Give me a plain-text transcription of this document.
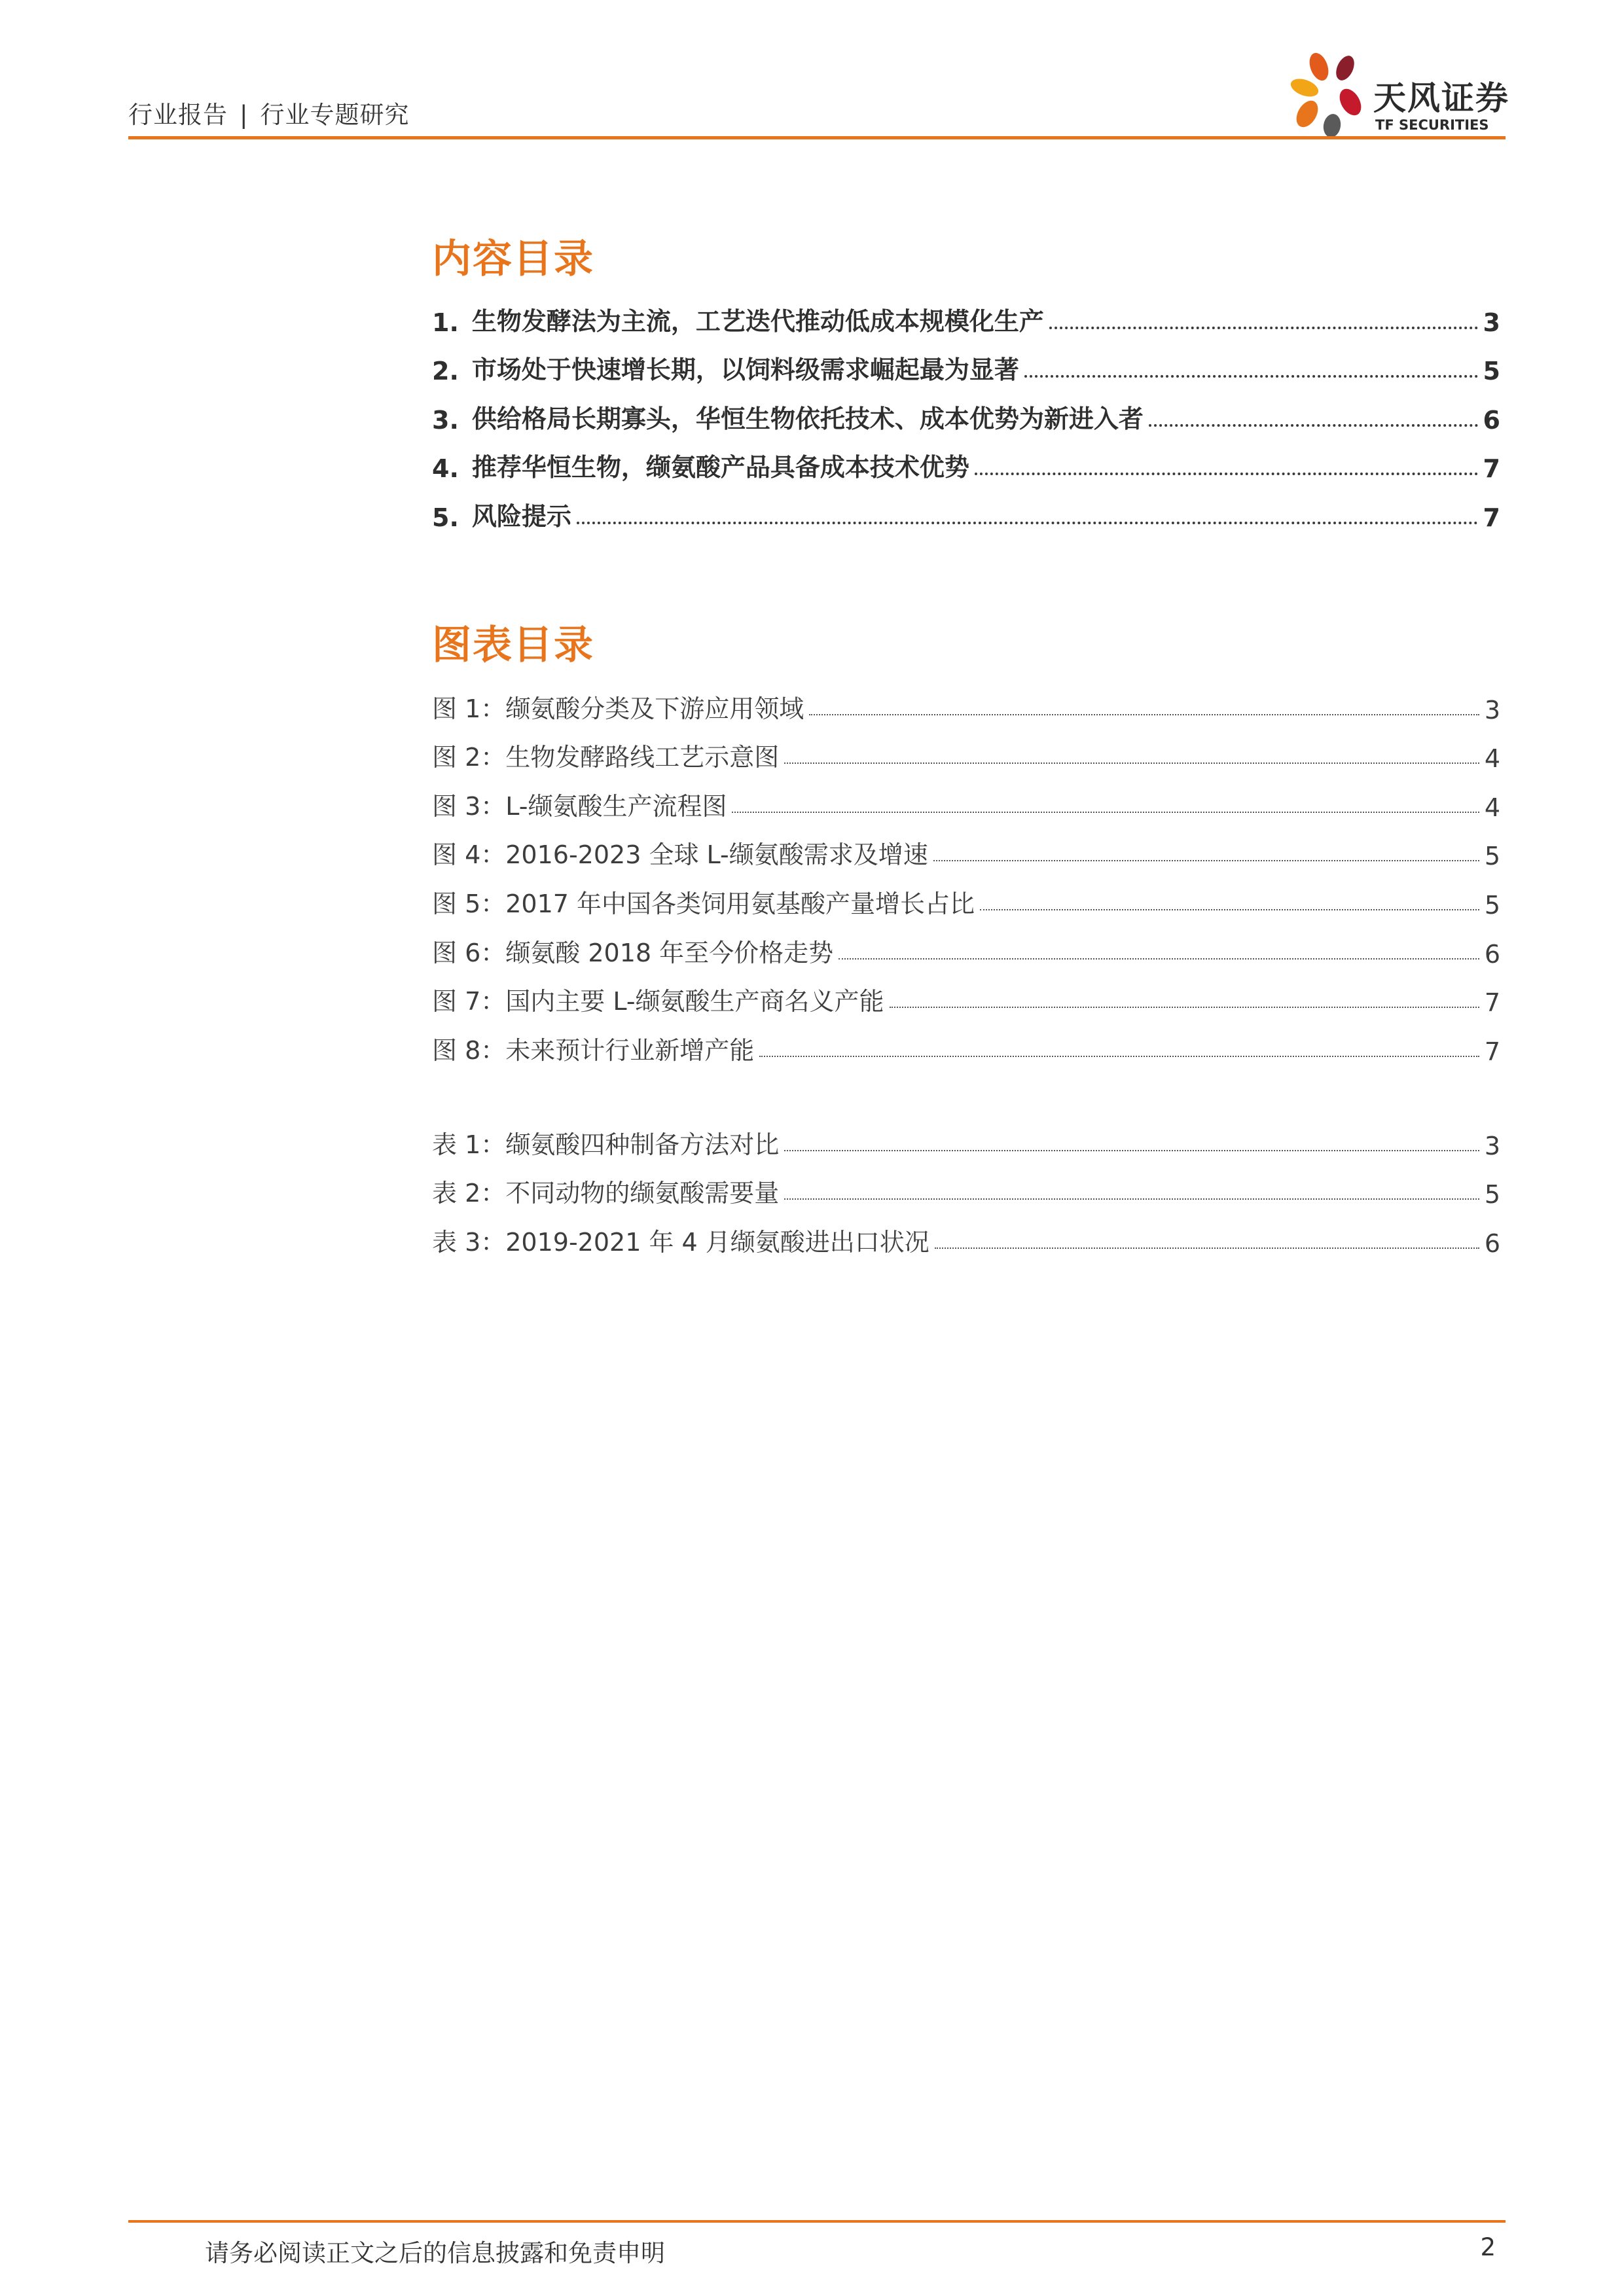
行业报告 | 行业专题研究	天风证券
TF SECURITIES
内容目录
1. 生物发酵法为主流，工艺迭代推动低成本规模化生产	3
2. 市场处于快速增长期，以饲料级需求崛起最为显著	5
3. 供给格局长期寡头，华恒生物依托技术、成本优势为新进入者	6
4. 推荐华恒生物，缬氨酸产品具备成本技术优势	7
5. 风险提示	7
图表目录
图 1：缬氨酸分类及下游应用领域	3
图 2：生物发酵路线工艺示意图	4
图 3：L-缬氨酸生产流程图	4
图 4：2016-2023 全球 L-缬氨酸需求及增速	5
图 5：2017 年中国各类饲用氨基酸产量增长占比	5
图 6：缬氨酸 2018 年至今价格走势	6
图 7：国内主要 L-缬氨酸生产商名义产能	7
图 8：未来预计行业新增产能	7
表 1：缬氨酸四种制备方法对比	3
表 2：不同动物的缬氨酸需要量	5
表 3：2019-2021 年 4 月缬氨酸进出口状况	6
请务必阅读正文之后的信息披露和免责申明	2
